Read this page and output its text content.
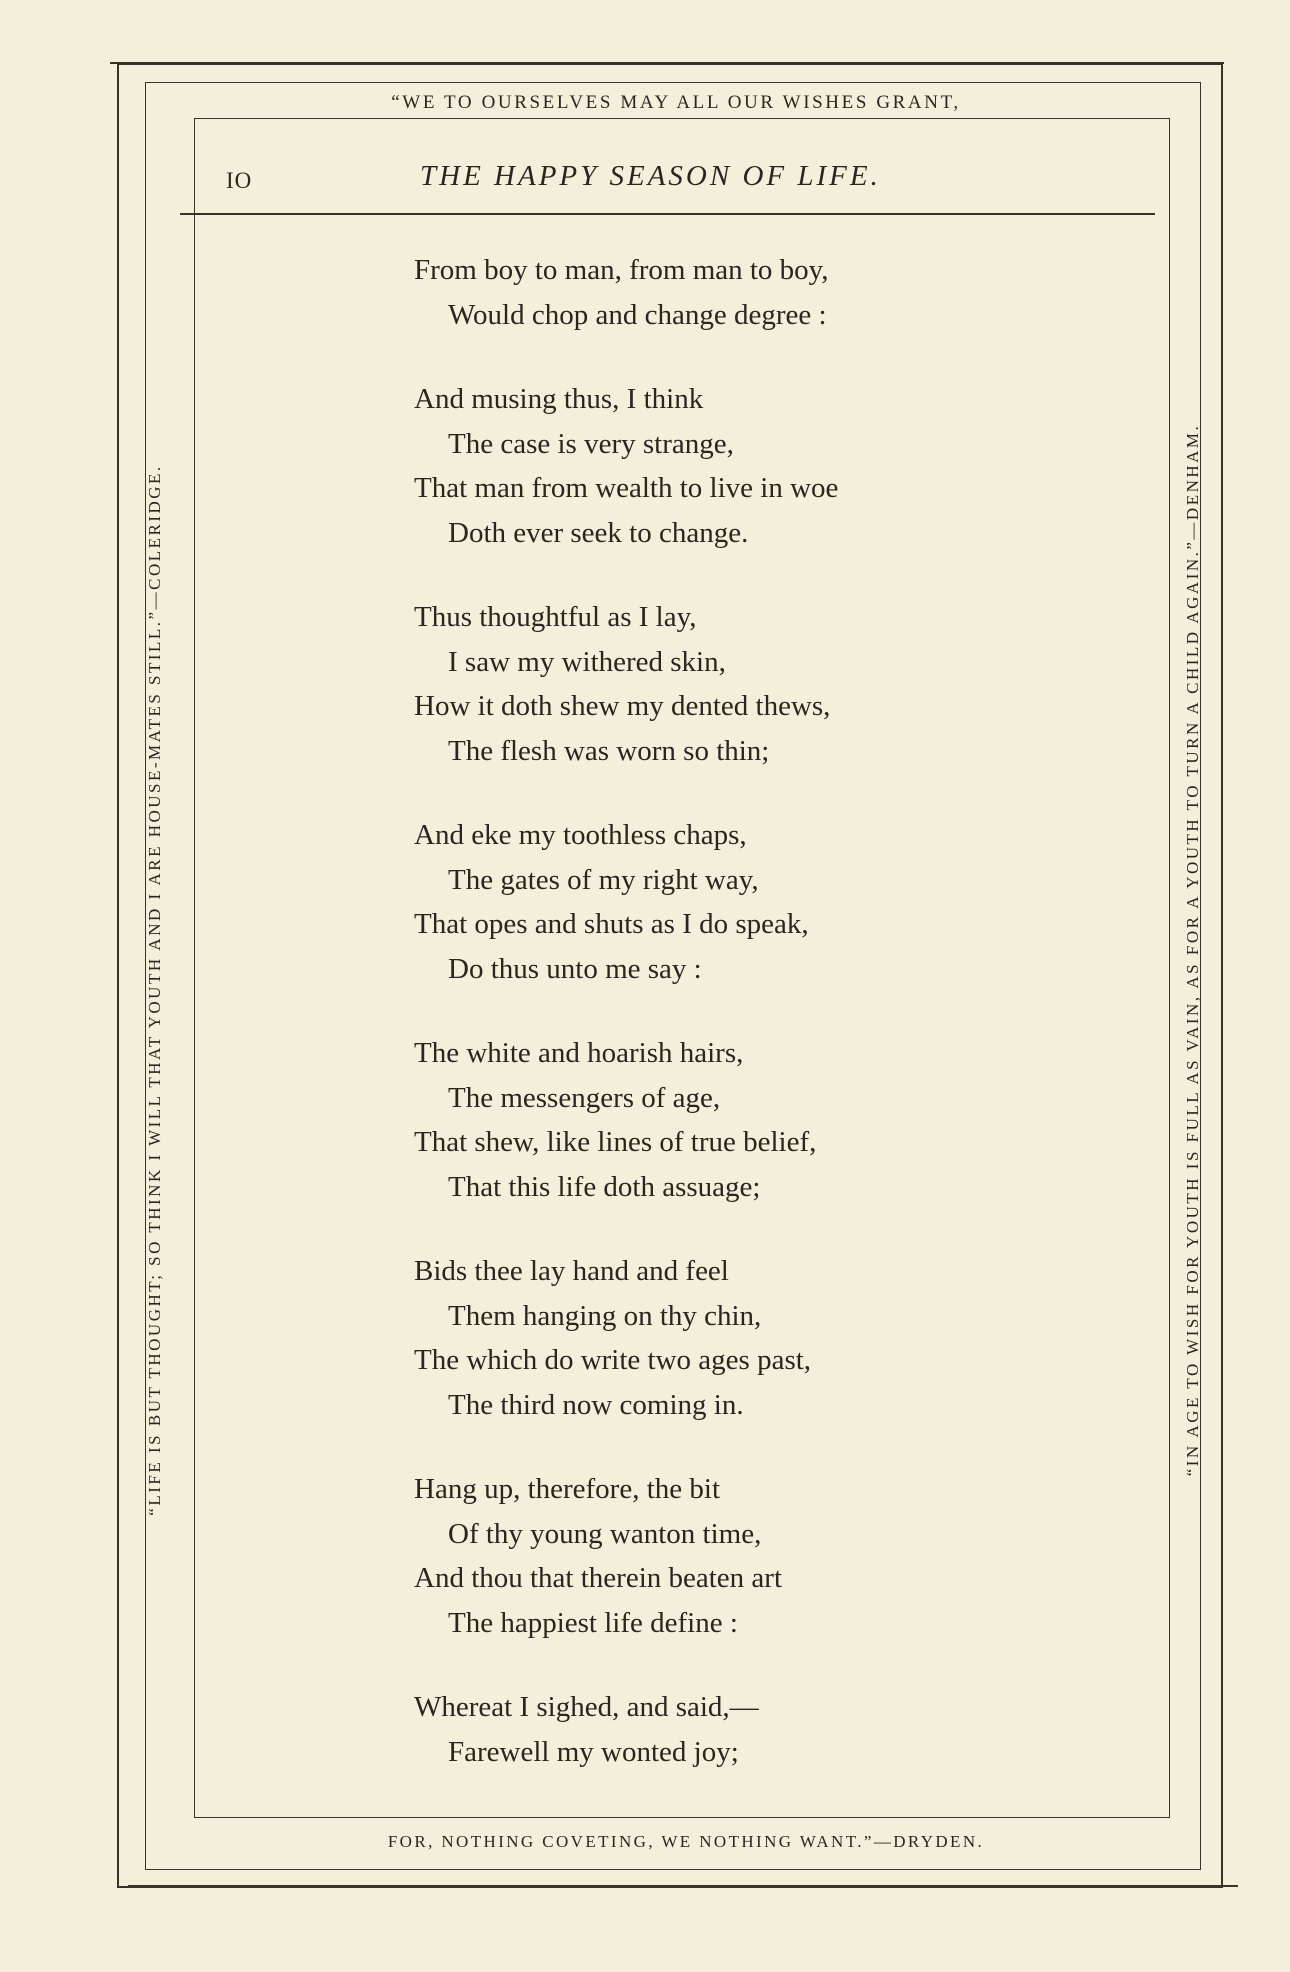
“WE TO OURSELVES MAY ALL OUR WISHES GRANT,
FOR, NOTHING COVETING, WE NOTHING WANT.”—DRYDEN.
“LIFE IS BUT THOUGHT; SO THINK I WILL THAT YOUTH AND I ARE HOUSE-MATES STILL.”—COLERIDGE.	“IN AGE TO WISH FOR YOUTH IS FULL AS VAIN, AS FOR A YOUTH TO TURN A CHILD AGAIN.”—DENHAM.
IO	THE HAPPY SEASON OF LIFE.
From boy to man, from man to boy,
Would chop and change degree :
And musing thus, I think
The case is very strange,
That man from wealth to live in woe
Doth ever seek to change.
Thus thoughtful as I lay,
I saw my withered skin,
How it doth shew my dented thews,
The flesh was worn so thin;
And eke my toothless chaps,
The gates of my right way,
That opes and shuts as I do speak,
Do thus unto me say :
The white and hoarish hairs,
The messengers of age,
That shew, like lines of true belief,
That this life doth assuage;
Bids thee lay hand and feel
Them hanging on thy chin,
The which do write two ages past,
The third now coming in.
Hang up, therefore, the bit
Of thy young wanton time,
And thou that therein beaten art
The happiest life define :
Whereat I sighed, and said,—
Farewell my wonted joy;
